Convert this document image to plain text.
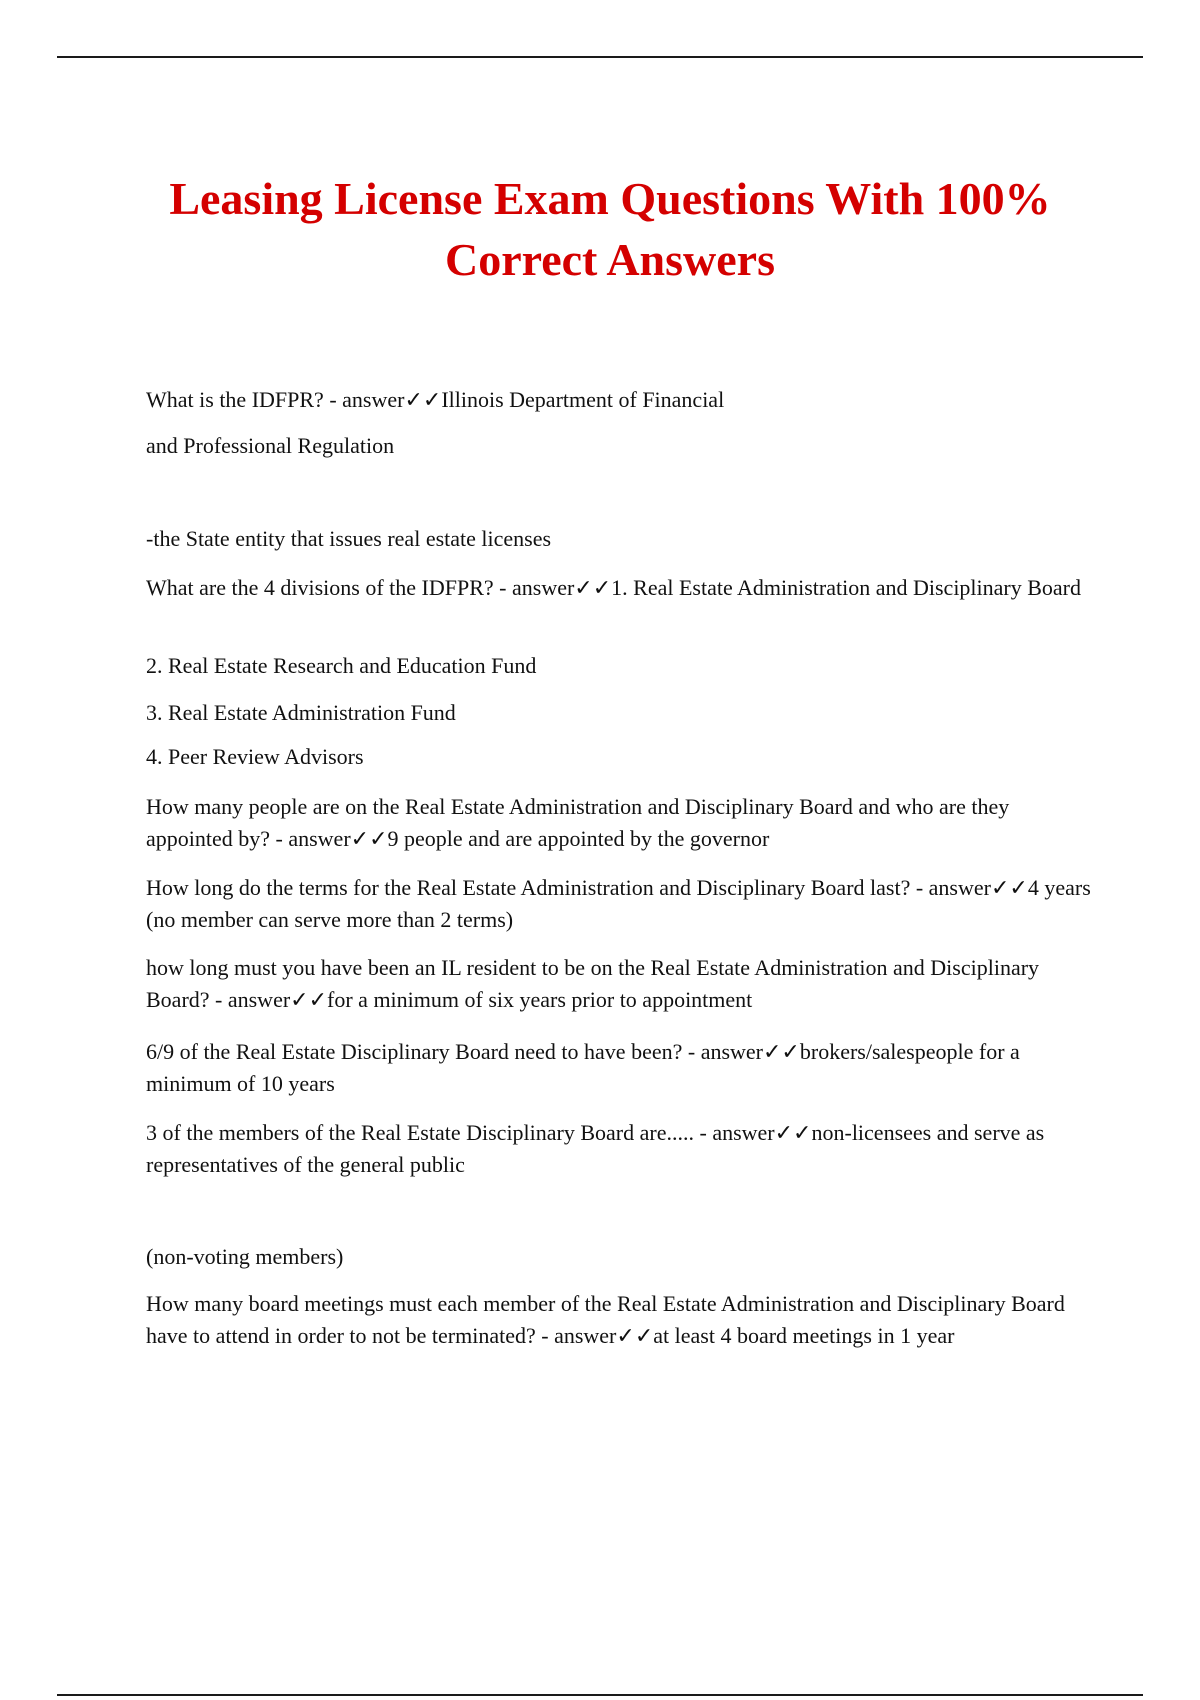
Leasing License Exam Questions With 100%
Correct Answers

What is the IDFPR? - answer✓✓Illinois Department of Financial

and Professional Regulation

-the State entity that issues real estate licenses

What are the 4 divisions of the IDFPR? - answer✓✓1. Real Estate Administration and Disciplinary Board

2. Real Estate Research and Education Fund

3. Real Estate Administration Fund

4. Peer Review Advisors

How many people are on the Real Estate Administration and Disciplinary Board and who are they appointed by? - answer✓✓9 people and are appointed by the governor

How long do the terms for the Real Estate Administration and Disciplinary Board last? - answer✓✓4 years (no member can serve more than 2 terms)

how long must you have been an IL resident to be on the Real Estate Administration and Disciplinary Board? - answer✓✓for a minimum of six years prior to appointment

6/9 of the Real Estate Disciplinary Board need to have been? - answer✓✓brokers/salespeople for a minimum of 10 years

3 of the members of the Real Estate Disciplinary Board are..... - answer✓✓non-licensees and serve as representatives of the general public

(non-voting members)

How many board meetings must each member of the Real Estate Administration and Disciplinary Board have to attend in order to not be terminated? - answer✓✓at least 4 board meetings in 1 year
